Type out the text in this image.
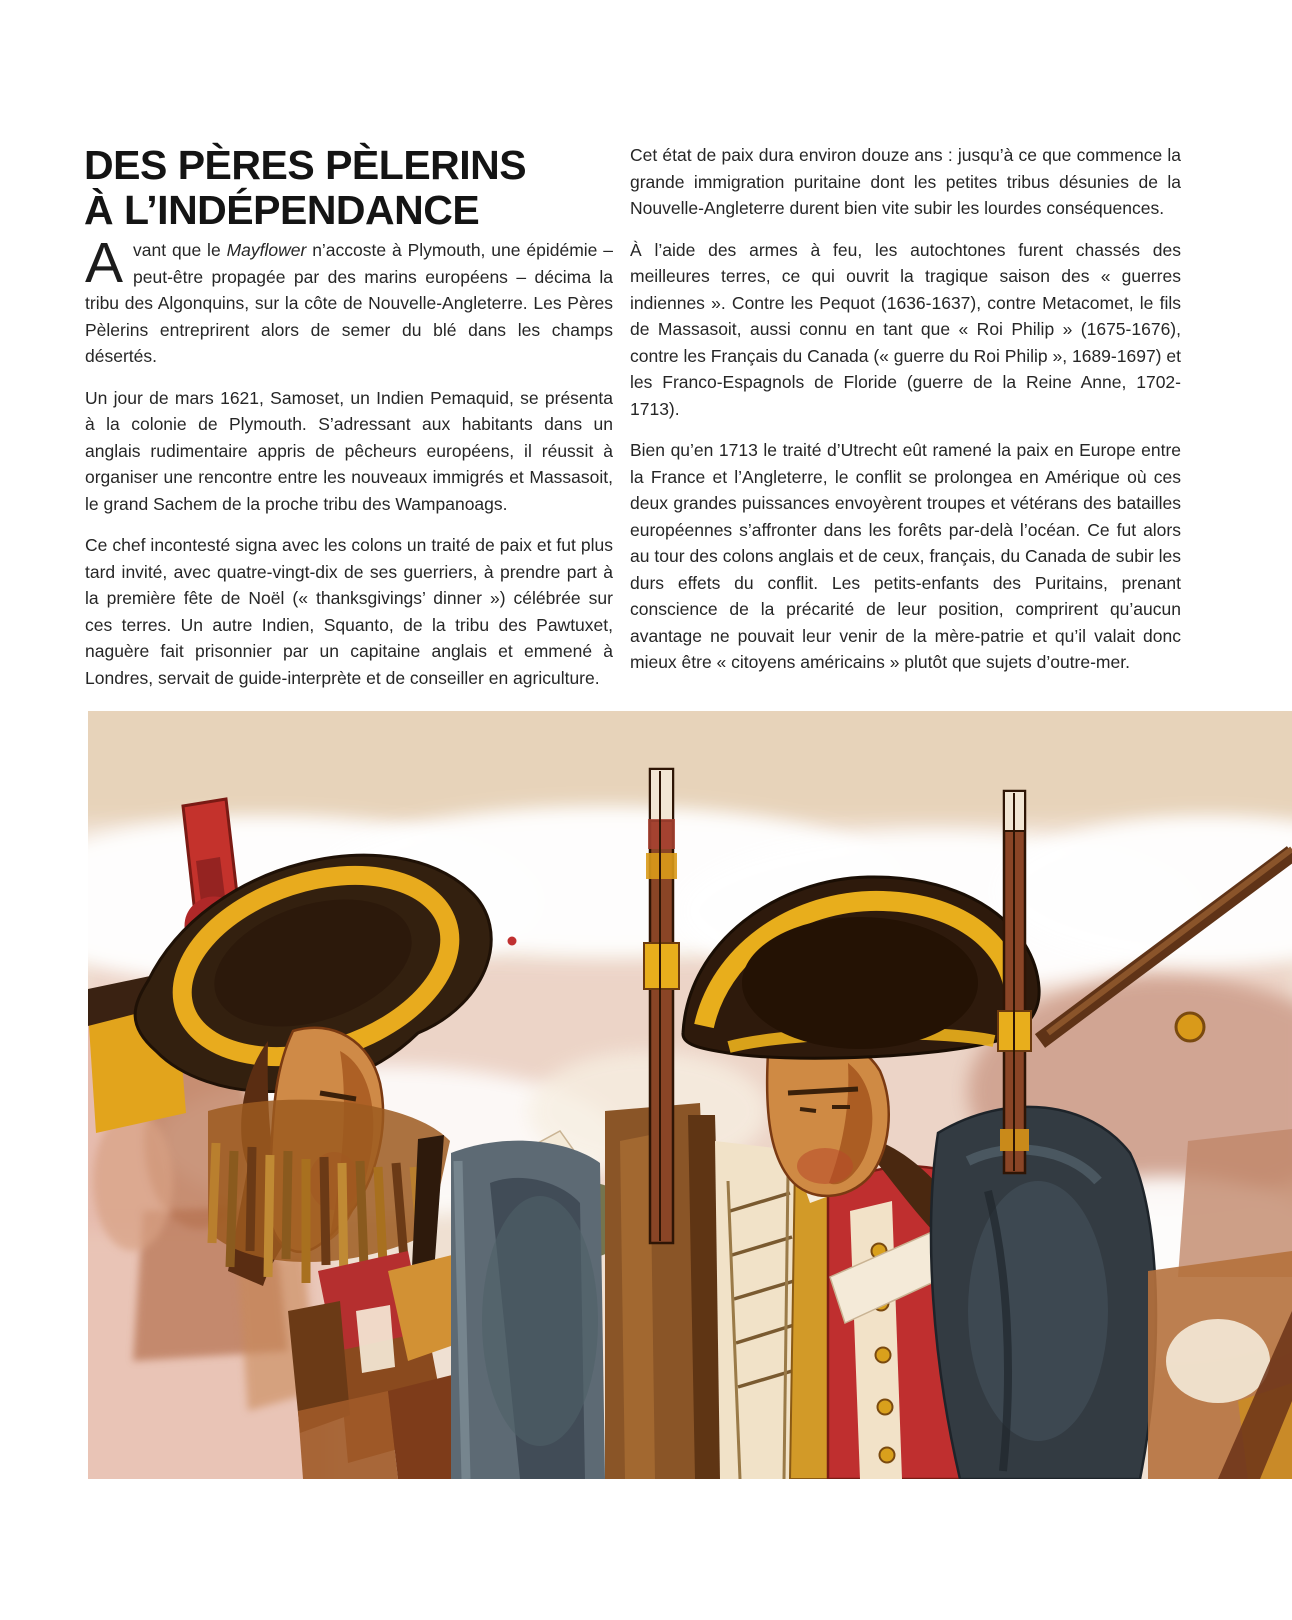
DES PÈRES PÈLERINS
À L’INDÉPENDANCE

Avant que le Mayflower n’accoste à Plymouth, une épidémie – peut-être propagée par des marins européens – décima la tribu des Algonquins, sur la côte de Nouvelle-Angleterre. Les Pères Pèlerins entreprirent alors de semer du blé dans les champs désertés.

Un jour de mars 1621, Samoset, un Indien Pemaquid, se présenta à la colonie de Plymouth. S’adressant aux habitants dans un anglais rudimentaire appris de pêcheurs européens, il réussit à organiser une rencontre entre les nouveaux immigrés et Massasoit, le grand Sachem de la proche tribu des Wampanoags.

Ce chef incontesté signa avec les colons un traité de paix et fut plus tard invité, avec quatre-vingt-dix de ses guerriers, à prendre part à la première fête de Noël (« thanksgivings’ dinner ») célébrée sur ces terres. Un autre Indien, Squanto, de la tribu des Pawtuxet, naguère fait prisonnier par un capitaine anglais et emmené à Londres, servait de guide-interprète et de conseiller en agriculture.

Cet état de paix dura environ douze ans : jusqu’à ce que commence la grande immigration puritaine dont les petites tribus désunies de la Nouvelle-Angleterre durent bien vite subir les lourdes conséquences.

À l’aide des armes à feu, les autochtones furent chassés des meilleures terres, ce qui ouvrit la tragique saison des « guerres indiennes ». Contre les Pequot (1636-1637), contre Metacomet, le fils de Massasoit, aussi connu en tant que « Roi Philip » (1675-1676), contre les Français du Canada (« guerre du Roi Philip », 1689-1697) et les Franco-Espagnols de Floride (guerre de la Reine Anne, 1702-1713).

Bien qu’en 1713 le traité d’Utrecht eût ramené la paix en Europe entre la France et l’Angleterre, le conflit se prolongea en Amérique où ces deux grandes puissances envoyèrent troupes et vétérans des batailles européennes s’affronter dans les forêts par-delà l’océan. Ce fut alors au tour des colons anglais et de ceux, français, du Canada de subir les durs effets du conflit. Les petits-enfants des Puritains, prenant conscience de la précarité de leur position, comprirent qu’aucun avantage ne pouvait leur venir de la mère-patrie et qu’il valait donc mieux être « citoyens américains » plutôt que sujets d’outre-mer.
